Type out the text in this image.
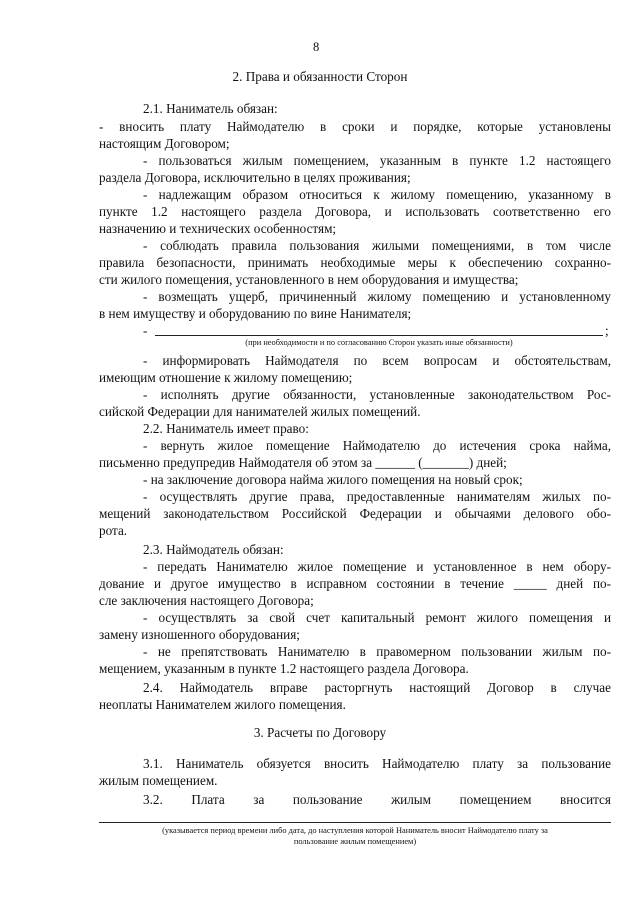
8
2. Права и обязанности Сторон
2.1. Наниматель обязан:
- вносить плату Наймодателю в сроки и порядке, которые установлены
настоящим Договором;
- пользоваться жилым помещением, указанным в пункте 1.2 настоящего
раздела Договора, исключительно в целях проживания;
- надлежащим образом относиться к жилому помещению, указанному в
пункте 1.2 настоящего раздела Договора, и использовать соответственно его
назначению и технических особенностям;
- соблюдать правила пользования жилыми помещениями, в том числе
правила безопасности, принимать необходимые меры к обеспечению сохранно-
сти жилого помещения, установленного в нем оборудования и имущества;
- возмещать ущерб, причиненный жилому помещению и установленному
в нем имуществу и оборудованию по вине Нанимателя;
-	;
(при необходимости и по согласованию Сторон указать иные обязанности)
- информировать Наймодателя по всем вопросам и обстоятельствам,
имеющим отношение к жилому помещению;
- исполнять другие обязанности, установленные законодательством Рос-
сийской Федерации для нанимателей жилых помещений.
2.2. Наниматель имеет право:
- вернуть жилое помещение Наймодателю до истечения срока найма,
письменно предупредив Наймодателя об этом за ______ (_______) дней;
- на заключение договора найма жилого помещения на новый срок;
- осуществлять другие права, предоставленные нанимателям жилых по-
мещений законодательством Российской Федерации и обычаями делового обо-
рота.
2.3. Наймодатель обязан:
- передать Нанимателю жилое помещение и установленное в нем обору-
дование и другое имущество в исправном состоянии в течение _____ дней по-
сле заключения настоящего Договора;
- осуществлять за свой счет капитальный ремонт жилого помещения и
замену изношенного оборудования;
- не препятствовать Нанимателю в правомерном пользовании жилым по-
мещением, указанным в пункте 1.2 настоящего раздела Договора.
2.4. Наймодатель вправе расторгнуть настоящий Договор в случае
неоплаты Нанимателем жилого помещения.
3. Расчеты по Договору
3.1. Наниматель обязуется вносить Наймодателю плату за пользование
жилым помещением.
3.2. Плата за пользование жилым помещением вносится
(указывается период времени либо дата, до наступления которой Наниматель вносит Наймодателю плату за
пользование жилым помещением)
